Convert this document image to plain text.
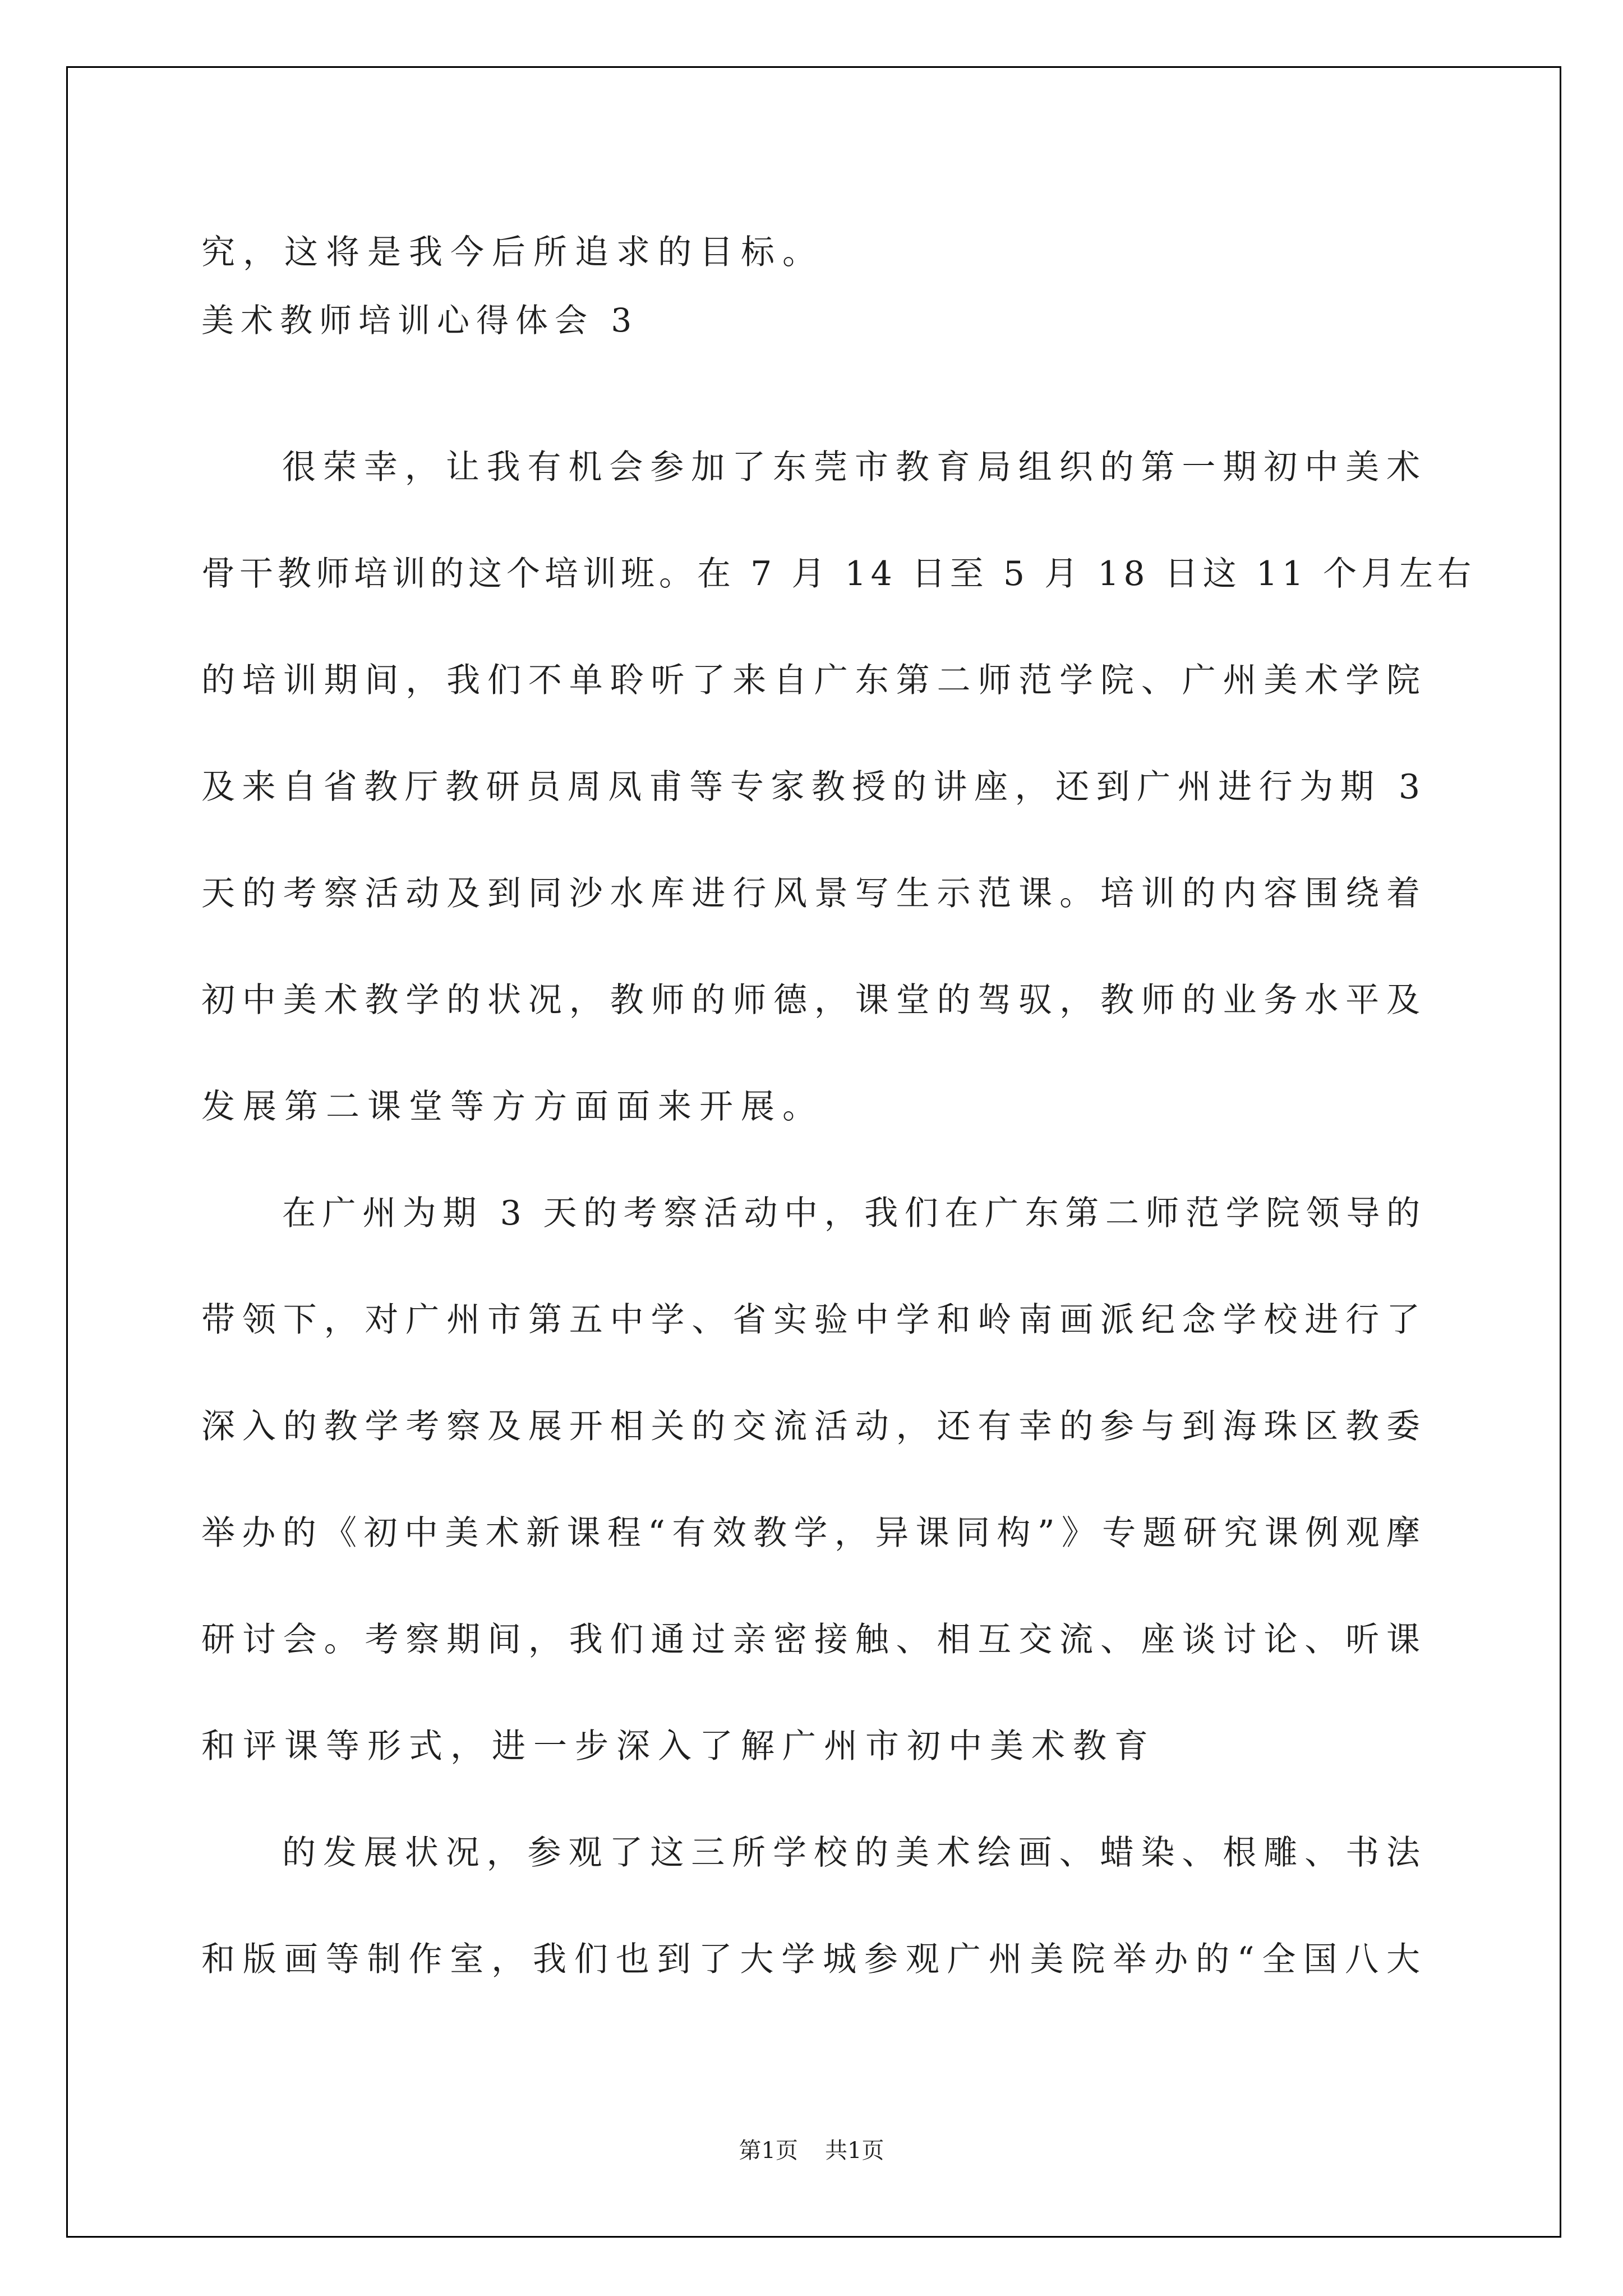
究，这将是我今后所追求的目标。
美术教师培训心得体会 3
很荣幸，让我有机会参加了东莞市教育局组织的第一期初中美术
骨干教师培训的这个培训班。在 7 月 14 日至 5 月 18 日这 11 个月左右
的培训期间，我们不单聆听了来自广东第二师范学院、广州美术学院
及来自省教厅教研员周凤甫等专家教授的讲座，还到广州进行为期 3
天的考察活动及到同沙水库进行风景写生示范课。培训的内容围绕着
初中美术教学的状况，教师的师德，课堂的驾驭，教师的业务水平及
发展第二课堂等方方面面来开展。
在广州为期 3 天的考察活动中，我们在广东第二师范学院领导的
带领下，对广州市第五中学、省实验中学和岭南画派纪念学校进行了
深入的教学考察及展开相关的交流活动，还有幸的参与到海珠区教委
举办的《初中美术新课程“有效教学，异课同构”》专题研究课例观摩
研讨会。考察期间，我们通过亲密接触、相互交流、座谈讨论、听课
和评课等形式，进一步深入了解广州市初中美术教育
的发展状况，参观了这三所学校的美术绘画、蜡染、根雕、书法
和版画等制作室，我们也到了大学城参观广州美院举办的“全国八大
第1页 共1页
